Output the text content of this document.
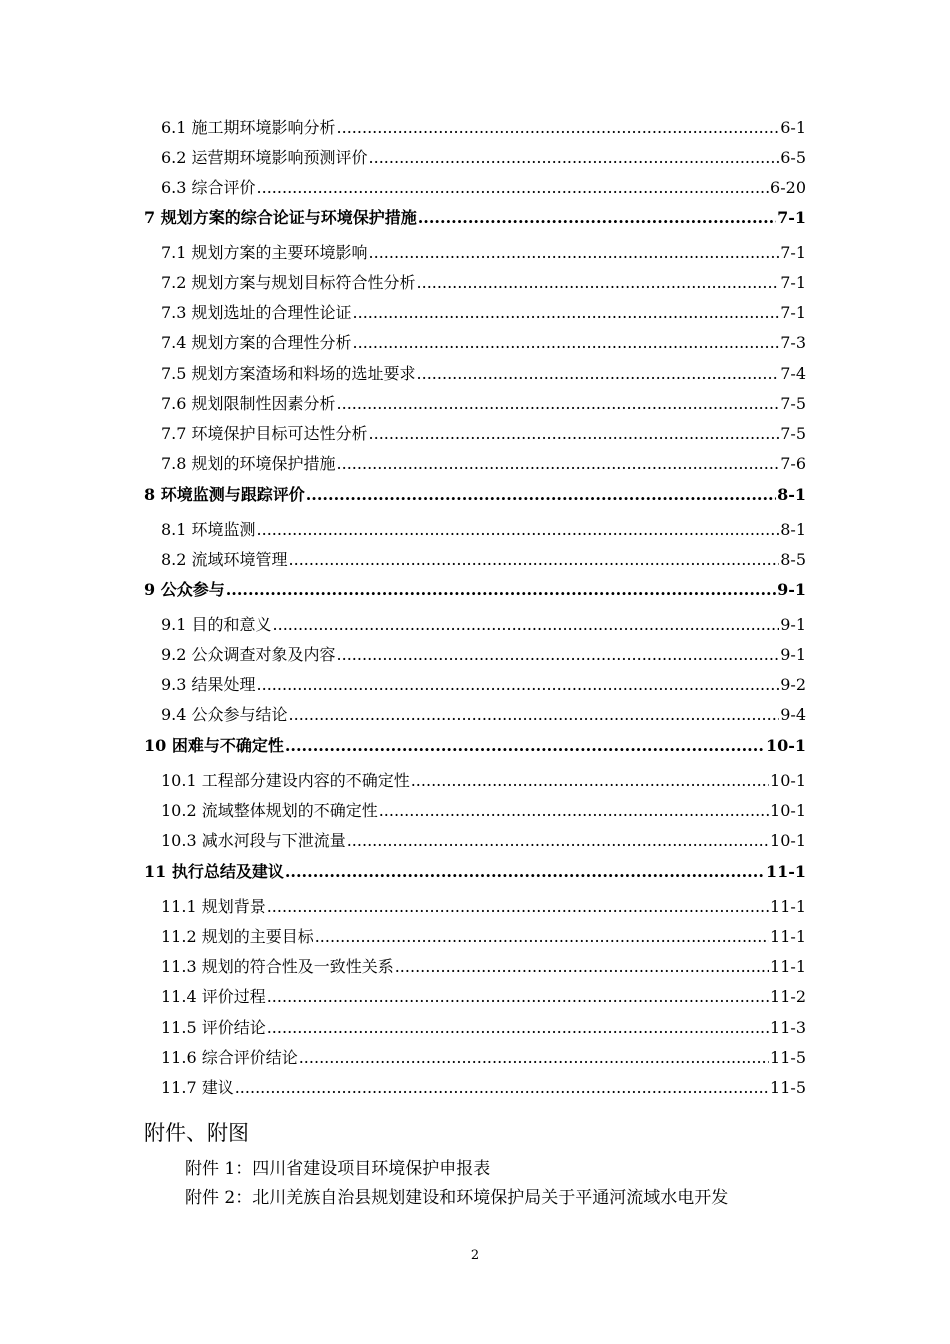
6.1 施工期环境影响分析 .....	6-1
6.2 运营期环境影响预测评价 .....	6-5
6.3 综合评价 .....	6-20
7 规划方案的综合论证与环境保护措施 .....	7-1
7.1 规划方案的主要环境影响 .....	7-1
7.2 规划方案与规划目标符合性分析 .....	7-1
7.3 规划选址的合理性论证 .....	7-1
7.4 规划方案的合理性分析 .....	7-3
7.5 规划方案渣场和料场的选址要求 .....	7-4
7.6 规划限制性因素分析 .....	7-5
7.7 环境保护目标可达性分析 .....	7-5
7.8 规划的环境保护措施 .....	7-6
8 环境监测与跟踪评价 .....	8-1
8.1 环境监测 .....	8-1
8.2 流域环境管理 .....	8-5
9 公众参与 .....	9-1
9.1 目的和意义 .....	9-1
9.2 公众调查对象及内容 .....	9-1
9.3 结果处理 .....	9-2
9.4 公众参与结论 .....	9-4
10 困难与不确定性 .....	10-1
10.1 工程部分建设内容的不确定性 .....	10-1
10.2 流域整体规划的不确定性 .....	10-1
10.3 减水河段与下泄流量 .....	10-1
11 执行总结及建议 .....	11-1
11.1 规划背景 .....	11-1
11.2 规划的主要目标 .....	11-1
11.3 规划的符合性及一致性关系 .....	11-1
11.4 评价过程 .....	11-2
11.5 评价结论 .....	11-3
11.6 综合评价结论 .....	11-5
11.7 建议 .....	11-5
附件、附图
附件 1：四川省建设项目环境保护申报表
附件 2：北川羌族自治县规划建设和环境保护局关于平通河流域水电开发
2
